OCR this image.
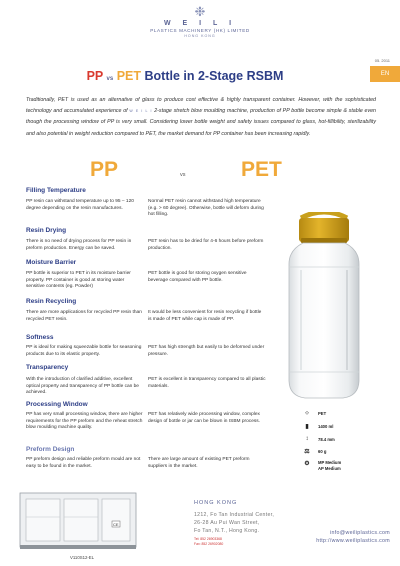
❉
W E I L I
PLASTICS MACHINERY (HK) LIMITED
HONG KONG
05. 2011
EN
PP vs PET Bottle in 2-Stage RSBM

Traditionally, PET is used as an alternative of glass to produce cost effective & highly transparent container. However, with the sophisticated technology and accumulated experience of W E I L I 2-stage stretch blow moulding machine, production of PP bottle become simple & stable even though the processing window of PP is very small. Considering lower bottle weight and safety issues compared to glass, hot-fillibility, sterilizability and also potential in weight reduction compared to PET, the market demand for PP container has been increasing rapidly.

PP	vs	PET
Filling Temperature
PP resin can withstand temperature up to 95 – 120 degree depending on the resin manufactures.
Normal PET resin cannot withstand high temperature (e.g. > 60 degree). Otherwise, bottle will deform during hot filling.
Resin Drying
There is no need of drying process for PP resin in preform production. Energy can be saved.
PET resin has to be dried for 4-6 hours before preform production.
Moisture Barrier
PP bottle is superior to PET in its moisture barrier property. PP container is good at storing water sensitive contents (eg. Powder)
PET bottle is good for storing oxygen sensitive beverage compared with PP bottle.
Resin Recycling
There are more applications for recycled PP resin than recycled PET resin.
It would be less convenient for resin recycling if bottle is made of PET while cap is made of PP.
Softness
PP is ideal for making squeezable bottle for seasoning products due to its elastic property.
PET has high strength but easily to be deformed under pressure.
Transparency
With the introduction of clarified additive, excellent optical property and transparency of PP bottle can be achieved.
PET is excellent in transparency compared to all plastic materials.
Processing Window
PP has very small processing window, there are higher requirements for the PP preform and the reheat stretch blow moulding machine quality.
PET has relatively wide processing window, complex design of bottle or jar can be blown in ISBM process.
Preform Design
PP preform design and reliable preform mould are not easy to be found in the market.
There are large amount of existing PET preform suppliers in the market.
⁘	PET
▮	1400 ml
↕	78.4 mm
⚖	60 g
⚙	MP Medium
AP Medium
CE
V110S12-EL
HONG KONG
1212, Fo Tan Industrial Center,
26-28 Au Pui Wan Street,
Fo Tan, N.T., Hong Kong.
Tel: 852 26903368
Fax: 852 26902080
info@weiliplastics.com
http://www.weiliplastics.com
